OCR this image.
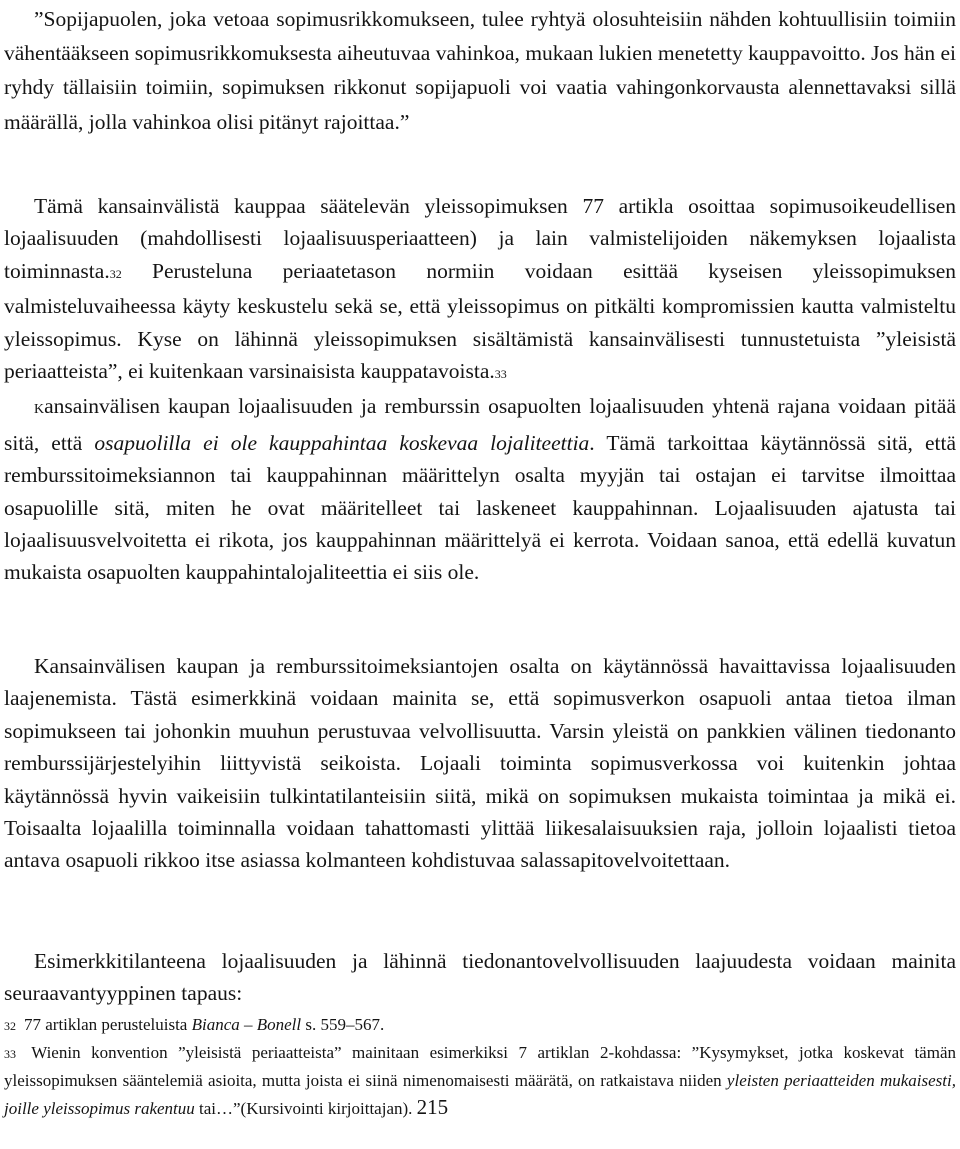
”Sopijapuolen, joka vetoaa sopimusrikkomukseen, tulee ryhtyä olosuhteisiin nähden kohtuullisiin toimiin vähentääkseen sopimusrikkomuksesta aiheutuvaa vahinkoa, mukaan lukien menetetty kauppavoitto. Jos hän ei ryhdy tällaisiin toimiin, sopimuksen rikkonut sopijapuoli voi vaatia vahingonkorvausta alennettavaksi sillä määrällä, jolla vahinkoa olisi pitänyt rajoittaa.”

Tämä kansainvälistä kauppaa säätelevän yleissopimuksen 77 artikla osoittaa sopimusoikeudellisen lojaalisuuden (mahdollisesti lojaalisuusperiaatteen) ja lain valmistelijoiden näkemyksen lojaalista toiminnasta.32 Perusteluna periaatetason normiin voidaan esittää kyseisen yleissopimuksen valmisteluvaiheessa käyty keskustelu sekä se, että yleissopimus on pitkälti kompromissien kautta valmisteltu yleissopimus. Kyse on lähinnä yleissopimuksen sisältämistä kansainvälisesti tunnustetuista ”yleisistä periaatteista”, ei kuitenkaan varsinaisista kauppatavoista.33
Kansainvälisen kaupan lojaalisuuden ja remburssin osapuolten lojaalisuuden yhtenä rajana voidaan pitää sitä, että osapuolilla ei ole kauppahintaa koskevaa lojaliteettia. Tämä tarkoittaa käytännössä sitä, että remburssitoimeksiannon tai kauppahinnan määrittelyn osalta myyjän tai ostajan ei tarvitse ilmoittaa osapuolille sitä, miten he ovat määritelleet tai laskeneet kauppahinnan. Lojaalisuuden ajatusta tai lojaalisuusvelvoitetta ei rikota, jos kauppahinnan määrittelyä ei kerrota. Voidaan sanoa, että edellä kuvatun mukaista osapuolten kauppahintalojaliteettia ei siis ole.

Kansainvälisen kaupan ja remburssitoimeksiantojen osalta on käytännössä havaittavissa lojaalisuuden laajenemista. Tästä esimerkkinä voidaan mainita se, että sopimusverkon osapuoli antaa tietoa ilman sopimukseen tai johonkin muuhun perustuvaa velvollisuutta. Varsin yleistä on pankkien välinen tiedonanto remburssijärjestelyihin liittyvistä seikoista. Lojaali toiminta sopimusverkossa voi kuitenkin johtaa käytännössä hyvin vaikeisiin tulkintatilanteisiin siitä, mikä on sopimuksen mukaista toimintaa ja mikä ei. Toisaalta lojaalilla toiminnalla voidaan tahattomasti ylittää liikesalaisuuksien raja, jolloin lojaalisti tietoa antava osapuoli rikkoo itse asiassa kolmanteen kohdistuvaa salassapitovelvoitettaan.

Esimerkkitilanteena lojaalisuuden ja lähinnä tiedonantovelvollisuuden laajuudesta voidaan mainita seuraavantyyppinen tapaus:

32 77 artiklan perusteluista Bianca – Bonell s. 559–567.

33 Wienin konvention ”yleisistä periaatteista” mainitaan esimerkiksi 7 artiklan 2-kohdassa: ”Kysymykset, jotka koskevat tämän yleissopimuksen sääntelemiä asioita, mutta joista ei siinä nimenomaisesti määrätä, on ratkaistava niiden yleisten periaatteiden mukaisesti, joille yleissopimus rakentuu tai…”(Kursivointi kirjoittajan). 215
